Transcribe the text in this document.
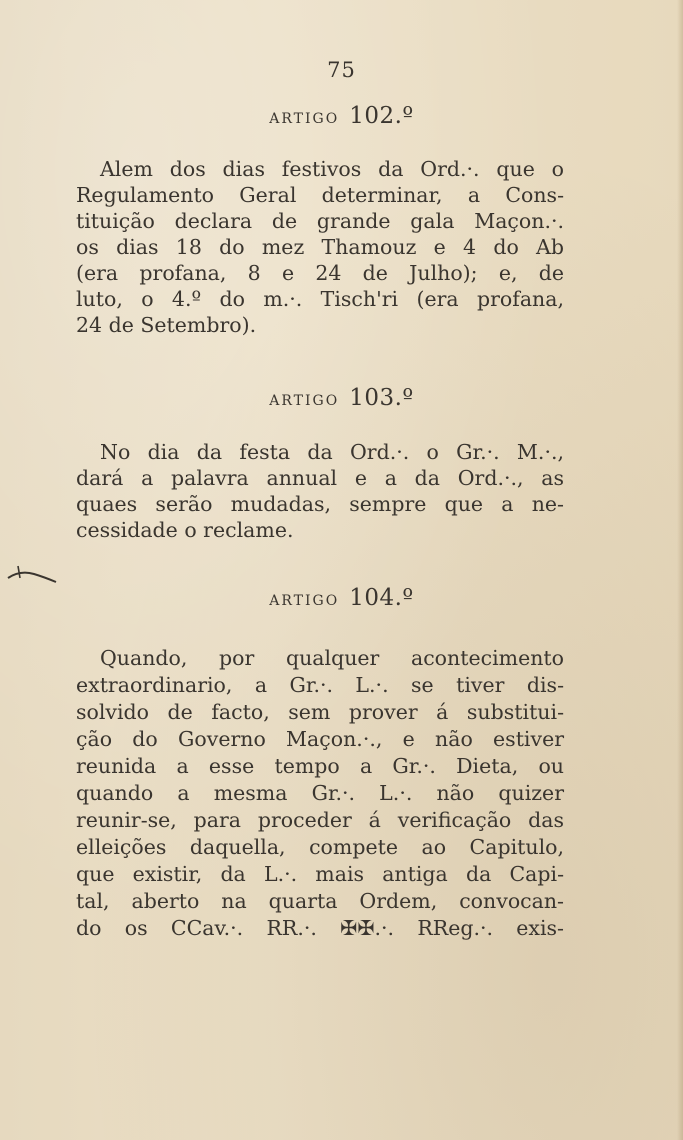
75
ARTIGO 102.º
Alem dos dias festivos da Ord.·. que o
Regulamento Geral determinar, a Cons-
tituição declara de grande gala Maçon.·.
os dias 18 do mez Thamouz e 4 do Ab
(era profana, 8 e 24 de Julho); e, de
luto, o 4.º do m.·. Tisch'ri (era profana,
24 de Setembro).
ARTIGO 103.º
No dia da festa da Ord.·. o Gr.·. M.·.,
dará a palavra annual e a da Ord.·., as
quaes serão mudadas, sempre que a ne-
cessidade o reclame.
ARTIGO 104.º
Quando, por qualquer acontecimento
extraordinario, a Gr.·. L.·. se tiver dis-
solvido de facto, sem prover á substitui-
ção do Governo Maçon.·., e não estiver
reunida a esse tempo a Gr.·. Dieta, ou
quando a mesma Gr.·. L.·. não quizer
reunir-se, para proceder á verificação das
elleições daquella, compete ao Capitulo,
que existir, da L.·. mais antiga da Capi-
tal, aberto na quarta Ordem, convocan-
do os CCav.·. RR.·. ✠✠.·. RReg.·. exis-
